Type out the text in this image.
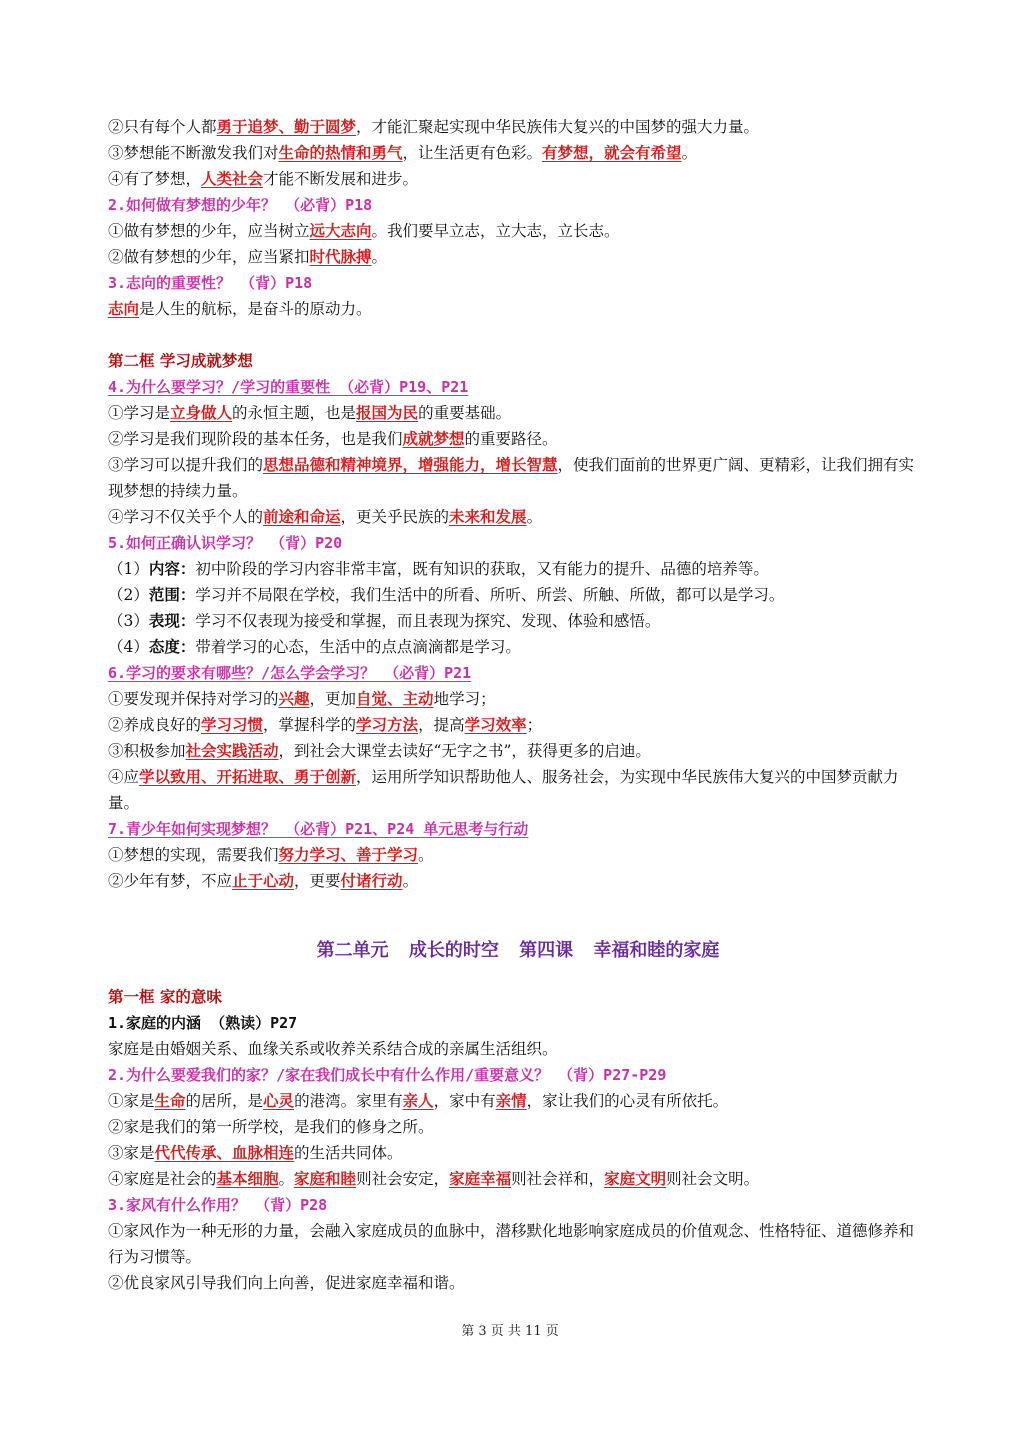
②只有每个人都勇于追梦、勤于圆梦，才能汇聚起实现中华民族伟大复兴的中国梦的强大力量。
③梦想能不断激发我们对生命的热情和勇气，让生活更有色彩。有梦想，就会有希望。
④有了梦想，人类社会才能不断发展和进步。
2.如何做有梦想的少年？ （必背）P18
①做有梦想的少年，应当树立远大志向。我们要早立志，立大志，立长志。
②做有梦想的少年，应当紧扣时代脉搏。
3.志向的重要性？ （背）P18
志向是人生的航标，是奋斗的原动力。
第二框 学习成就梦想
4.为什么要学习？/学习的重要性 （必背）P19、P21
①学习是立身做人的永恒主题，也是报国为民的重要基础。
②学习是我们现阶段的基本任务，也是我们成就梦想的重要路径。
③学习可以提升我们的思想品德和精神境界，增强能力，增长智慧，使我们面前的世界更广阔、更精彩，让我们拥有实现梦想的持续力量。
④学习不仅关乎个人的前途和命运，更关乎民族的未来和发展。
5.如何正确认识学习？ （背）P20
（1）内容：初中阶段的学习内容非常丰富，既有知识的获取，又有能力的提升、品德的培养等。
（2）范围：学习并不局限在学校，我们生活中的所看、所听、所尝、所触、所做，都可以是学习。
（3）表现：学习不仅表现为接受和掌握，而且表现为探究、发现、体验和感悟。
（4）态度：带着学习的心态，生活中的点点滴滴都是学习。
6.学习的要求有哪些？/怎么学会学习？ （必背）P21
①要发现并保持对学习的兴趣，更加自觉、主动地学习；
②养成良好的学习习惯，掌握科学的学习方法，提高学习效率；
③积极参加社会实践活动，到社会大课堂去读好“无字之书”，获得更多的启迪。
④应学以致用、开拓进取、勇于创新，运用所学知识帮助他人、服务社会，为实现中华民族伟大复兴的中国梦贡献力量。
7.青少年如何实现梦想？ （必背）P21、P24 单元思考与行动
①梦想的实现，需要我们努力学习、善于学习。
②少年有梦，不应止于心动，更要付诸行动。
第二单元 成长的时空 第四课 幸福和睦的家庭
第一框 家的意味
1.家庭的内涵 （熟读）P27
家庭是由婚姻关系、血缘关系或收养关系结合成的亲属生活组织。
2.为什么要爱我们的家？/家在我们成长中有什么作用/重要意义？ （背）P27-P29
①家是生命的居所，是心灵的港湾。家里有亲人，家中有亲情，家让我们的心灵有所依托。
②家是我们的第一所学校，是我们的修身之所。
③家是代代传承、血脉相连的生活共同体。
④家庭是社会的基本细胞。家庭和睦则社会安定，家庭幸福则社会祥和，家庭文明则社会文明。
3.家风有什么作用？ （背）P28
①家风作为一种无形的力量，会融入家庭成员的血脉中，潜移默化地影响家庭成员的价值观念、性格特征、道德修养和行为习惯等。
②优良家风引导我们向上向善，促进家庭幸福和谐。
第 3 页 共 11 页
